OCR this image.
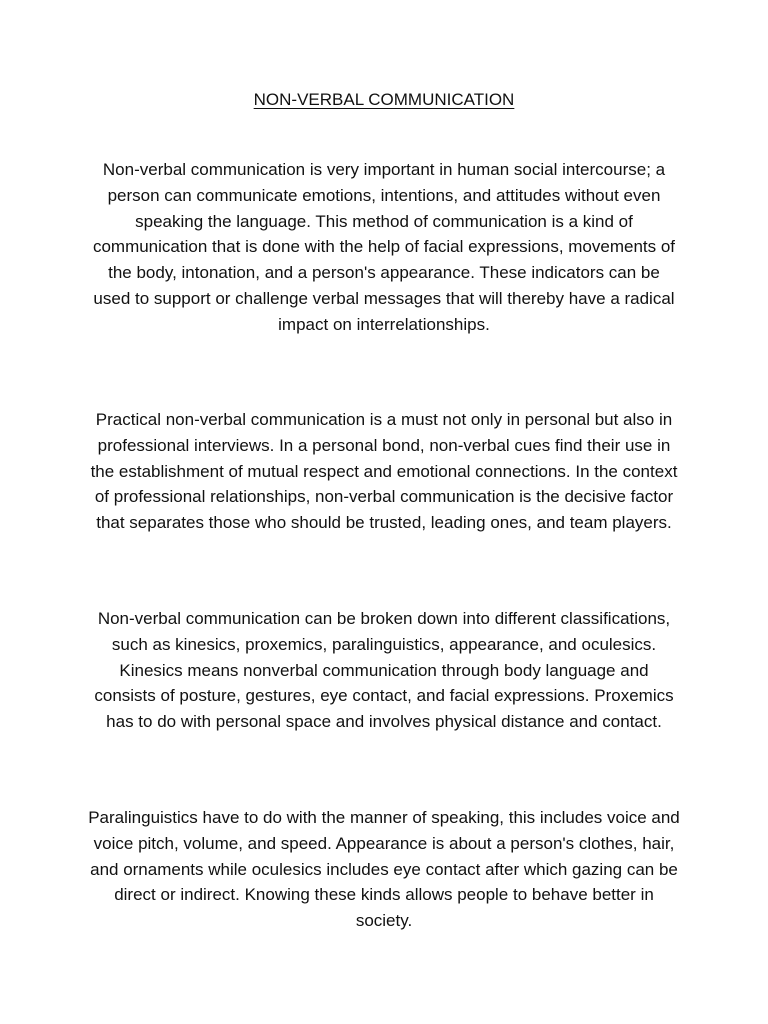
NON-VERBAL COMMUNICATION

Non-verbal communication is very important in human social intercourse; a person can communicate emotions, intentions, and attitudes without even speaking the language. This method of communication is a kind of communication that is done with the help of facial expressions, movements of the body, intonation, and a person's appearance. These indicators can be used to support or challenge verbal messages that will thereby have a radical impact on interrelationships.

Practical non-verbal communication is a must not only in personal but also in professional interviews. In a personal bond, non-verbal cues find their use in the establishment of mutual respect and emotional connections. In the context of professional relationships, non-verbal communication is the decisive factor that separates those who should be trusted, leading ones, and team players.

Non-verbal communication can be broken down into different classifications, such as kinesics, proxemics, paralinguistics, appearance, and oculesics. Kinesics means nonverbal communication through body language and consists of posture, gestures, eye contact, and facial expressions. Proxemics has to do with personal space and involves physical distance and contact.

Paralinguistics have to do with the manner of speaking, this includes voice and voice pitch, volume, and speed. Appearance is about a person's clothes, hair, and ornaments while oculesics includes eye contact after which gazing can be direct or indirect. Knowing these kinds allows people to behave better in society.
